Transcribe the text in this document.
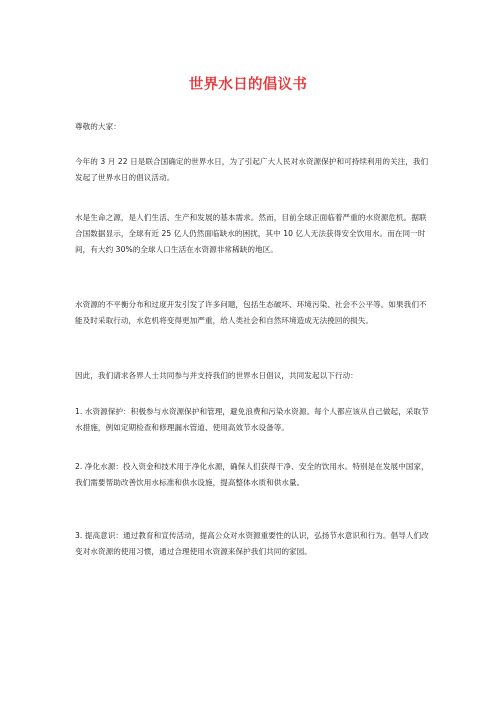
世界水日的倡议书

尊敬的大家：

今年的 3 月 22 日是联合国确定的世界水日，为了引起广大人民对水资源保护和可持续利用的关注，我们发起了世界水日的倡议活动。

水是生命之源，是人们生活、生产和发展的基本需求。然而，目前全球正面临着严重的水资源危机。据联合国数据显示，全球有近 25 亿人仍然面临缺水的困扰，其中 10 亿人无法获得安全饮用水。而在同一时间，有大约 30%的全球人口生活在水资源非常稀缺的地区。

水资源的不平衡分布和过度开发引发了许多问题，包括生态破坏、环境污染、社会不公平等。如果我们不能及时采取行动，水危机将变得更加严重，给人类社会和自然环境造成无法挽回的损失。

因此，我们请求各界人士共同参与并支持我们的世界水日倡议，共同发起以下行动：

1. 水资源保护：积极参与水资源保护和管理，避免浪费和污染水资源。每个人都应该从自己做起，采取节水措施，例如定期检查和修理漏水管道、使用高效节水设备等。

2. 净化水源：投入资金和技术用于净化水源，确保人们获得干净、安全的饮用水。特别是在发展中国家，我们需要帮助改善饮用水标准和供水设施，提高整体水质和供水量。

3. 提高意识：通过教育和宣传活动，提高公众对水资源重要性的认识，弘扬节水意识和行为。倡导人们改变对水资源的使用习惯，通过合理使用水资源来保护我们共同的家园。
